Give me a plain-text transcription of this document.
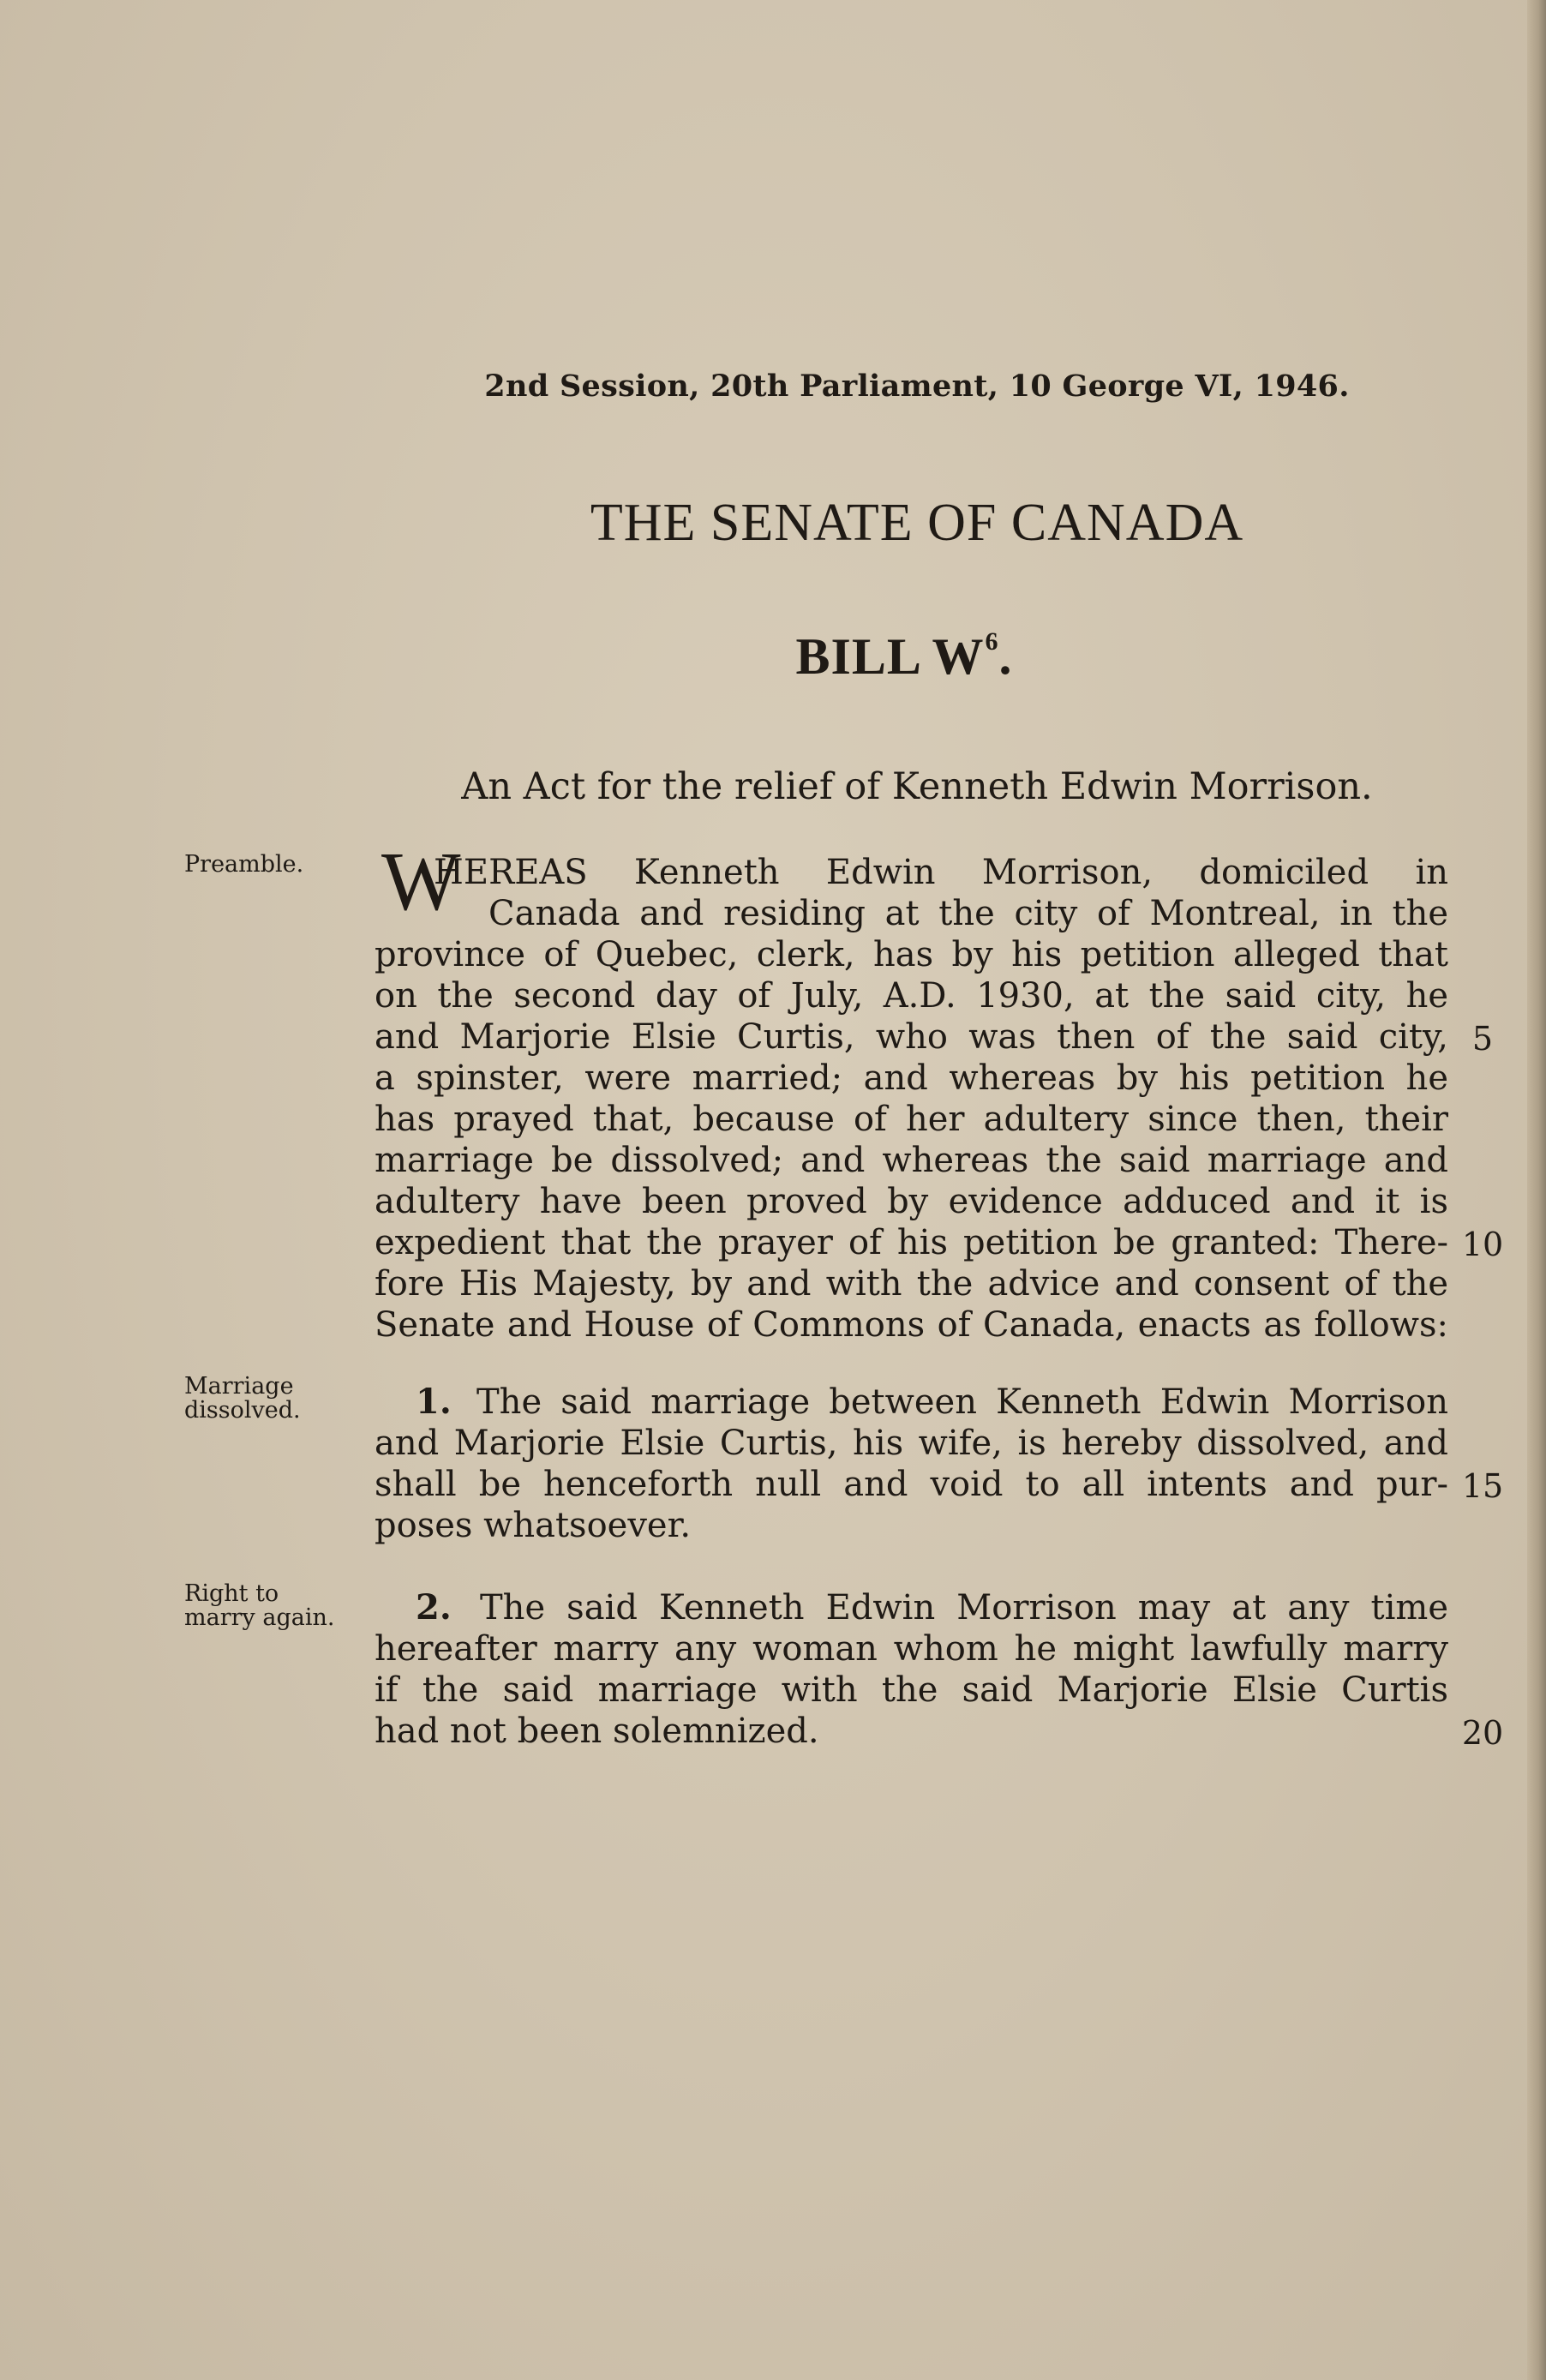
2nd Session, 20th Parliament, 10 George VI, 1946.
THE SENATE OF CANADA
BILL $W^6$.
An Act for the relief of Kenneth Edwin Morrison.
Preamble.
Marriage
dissolved.
Right to
marry again.
W
HEREAS Kenneth Edwin Morrison, domiciled in
Canada and residing at the city of Montreal, in the
province of Quebec, clerk, has by his petition alleged that
on the second day of July, A.D. 1930, at the said city, he
and Marjorie Elsie Curtis, who was then of the said city,
a spinster, were married; and whereas by his petition he
has prayed that, because of her adultery since then, their
marriage be dissolved; and whereas the said marriage and
adultery have been proved by evidence adduced and it is
expedient that the prayer of his petition be granted: There-
fore His Majesty, by and with the advice and consent of the
Senate and House of Commons of Canada, enacts as follows:
1. The said marriage between Kenneth Edwin Morrison
and Marjorie Elsie Curtis, his wife, is hereby dissolved, and
shall be henceforth null and void to all intents and pur-
poses whatsoever.
2. The said Kenneth Edwin Morrison may at any time
hereafter marry any woman whom he might lawfully marry
if the said marriage with the said Marjorie Elsie Curtis
had not been solemnized.
5
10
15
20
